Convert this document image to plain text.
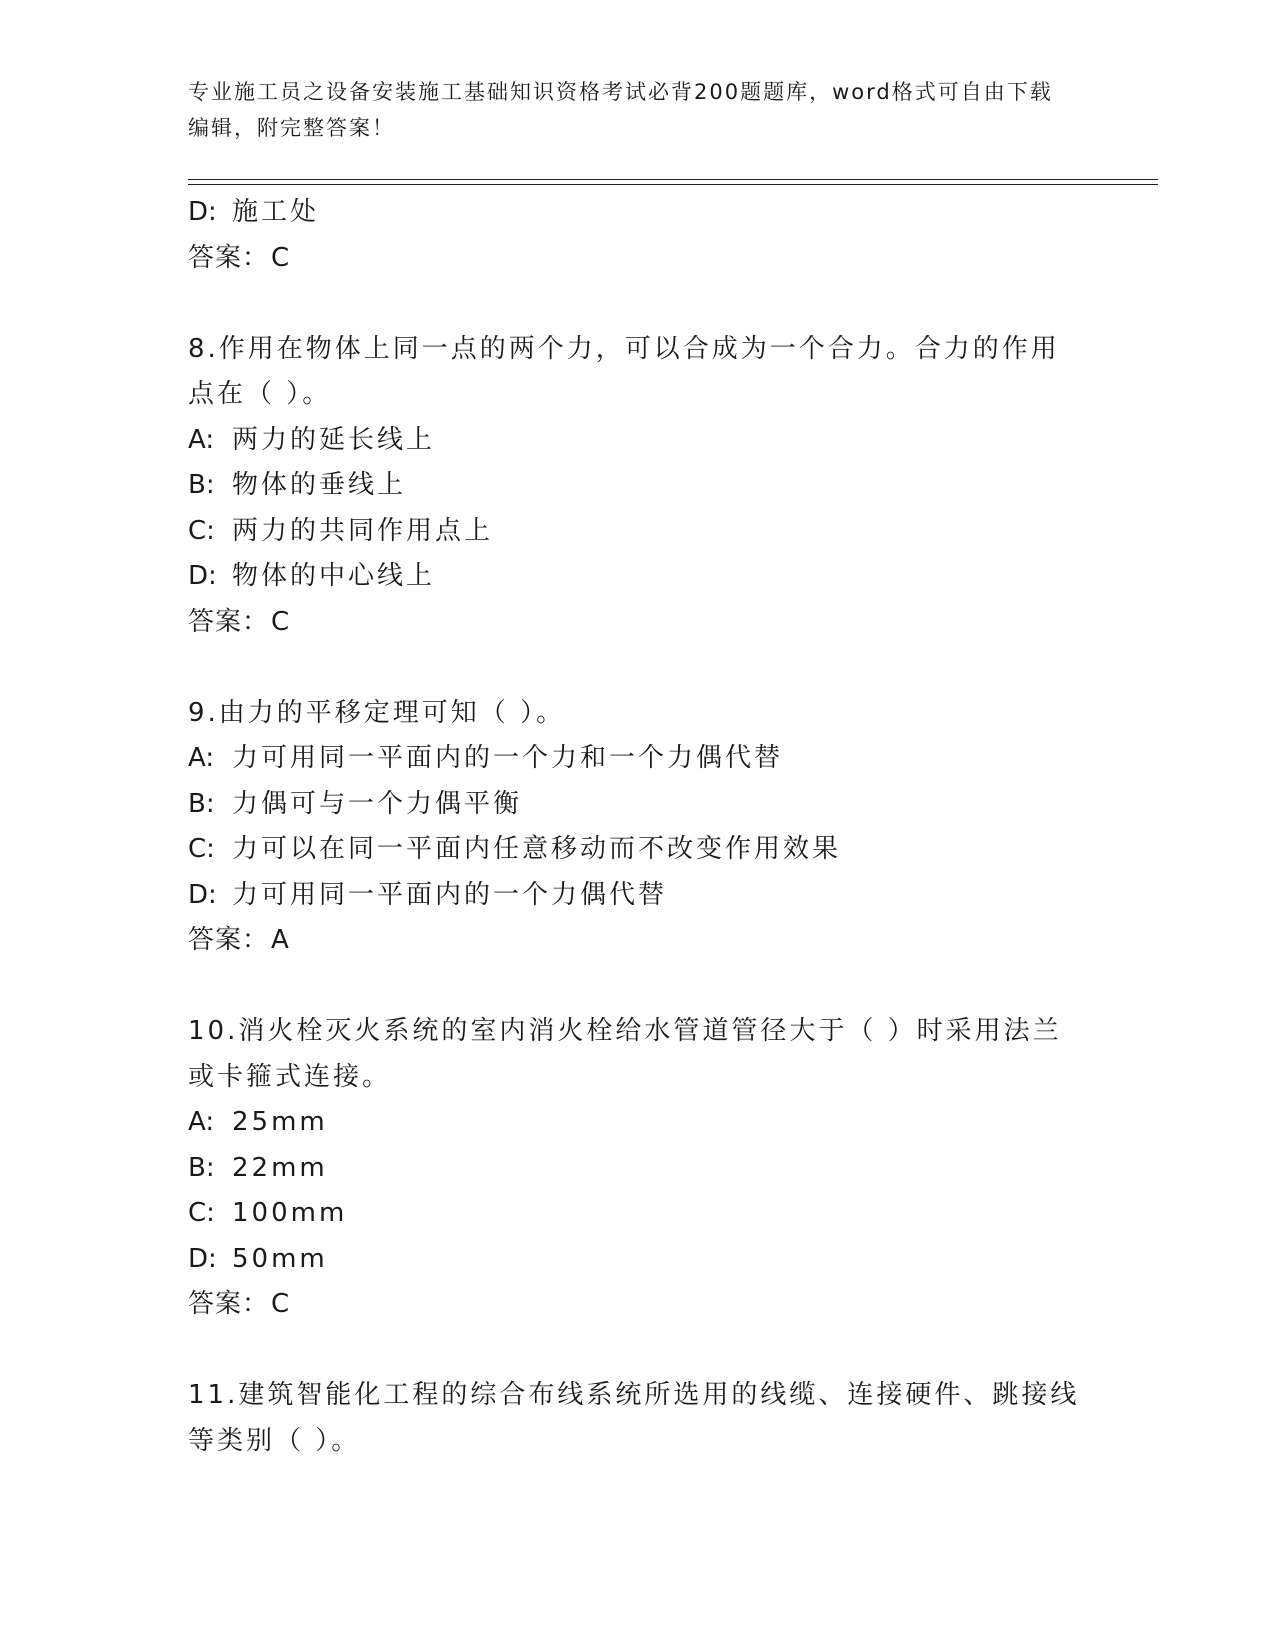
专业施工员之设备安装施工基础知识资格考试必背200题题库，word格式可自由下载编辑，附完整答案！
D: 施工处
答案：C
8.作用在物体上同一点的两个力，可以合成为一个合力。合力的作用
点在（ ）。
A: 两力的延长线上
B: 物体的垂线上
C: 两力的共同作用点上
D: 物体的中心线上
答案：C
9.由力的平移定理可知（ ）。
A: 力可用同一平面内的一个力和一个力偶代替
B: 力偶可与一个力偶平衡
C: 力可以在同一平面内任意移动而不改变作用效果
D: 力可用同一平面内的一个力偶代替
答案：A
10.消火栓灭火系统的室内消火栓给水管道管径大于（ ）时采用法兰
或卡箍式连接。
A: 25mm
B: 22mm
C: 100mm
D: 50mm
答案：C
11.建筑智能化工程的综合布线系统所选用的线缆、连接硬件、跳接线
等类别（ ）。
